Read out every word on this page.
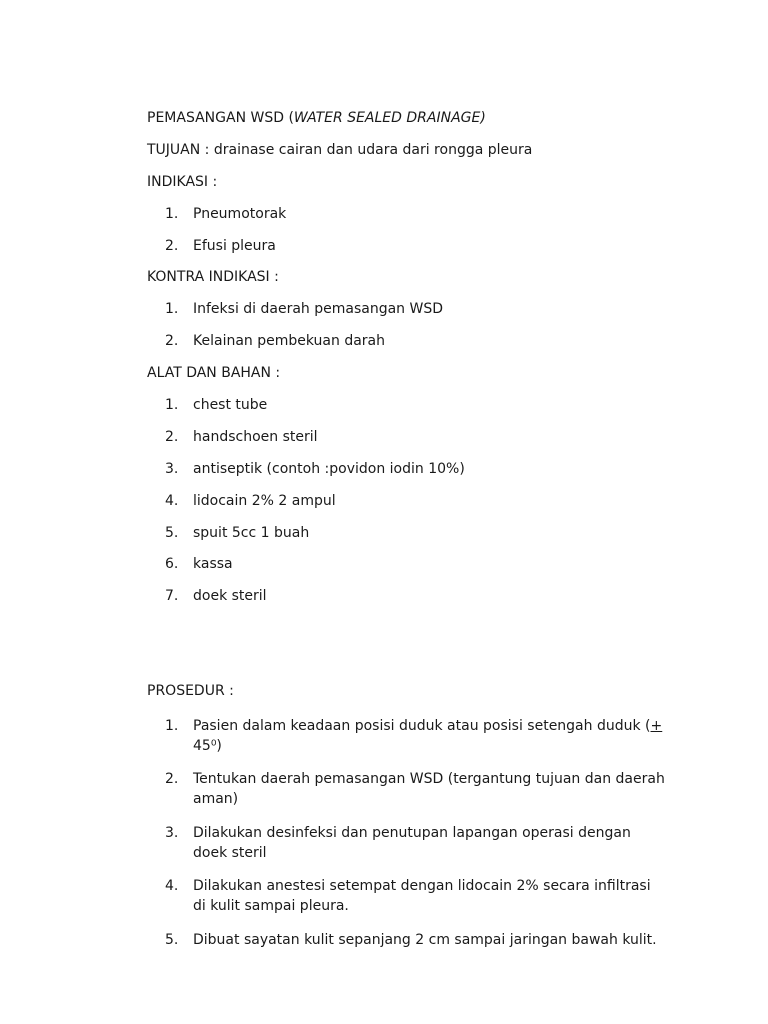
PEMASANGAN WSD (WATER SEALED DRAINAGE)
TUJUAN : drainase cairan dan udara dari rongga pleura
INDIKASI :
1.	Pneumotorak
2.	Efusi pleura
KONTRA INDIKASI :
1.	Infeksi di daerah pemasangan WSD
2.	Kelainan pembekuan darah
ALAT DAN BAHAN :
1.	chest tube
2.	handschoen steril
3.	antiseptik (contoh :povidon iodin 10%)
4.	lidocain 2% 2 ampul
5.	spuit 5cc 1 buah
6.	kassa
7.	doek steril
PROSEDUR :
1.	Pasien dalam keadaan posisi duduk atau posisi setengah duduk (+ 45⁰)
2.	Tentukan daerah pemasangan WSD (tergantung tujuan dan daerah aman)
3.	Dilakukan desinfeksi dan penutupan lapangan operasi dengan doek steril
4.	Dilakukan anestesi setempat dengan lidocain 2% secara infiltrasi di kulit sampai pleura.
5.	Dibuat sayatan kulit sepanjang 2 cm sampai jaringan bawah kulit.
